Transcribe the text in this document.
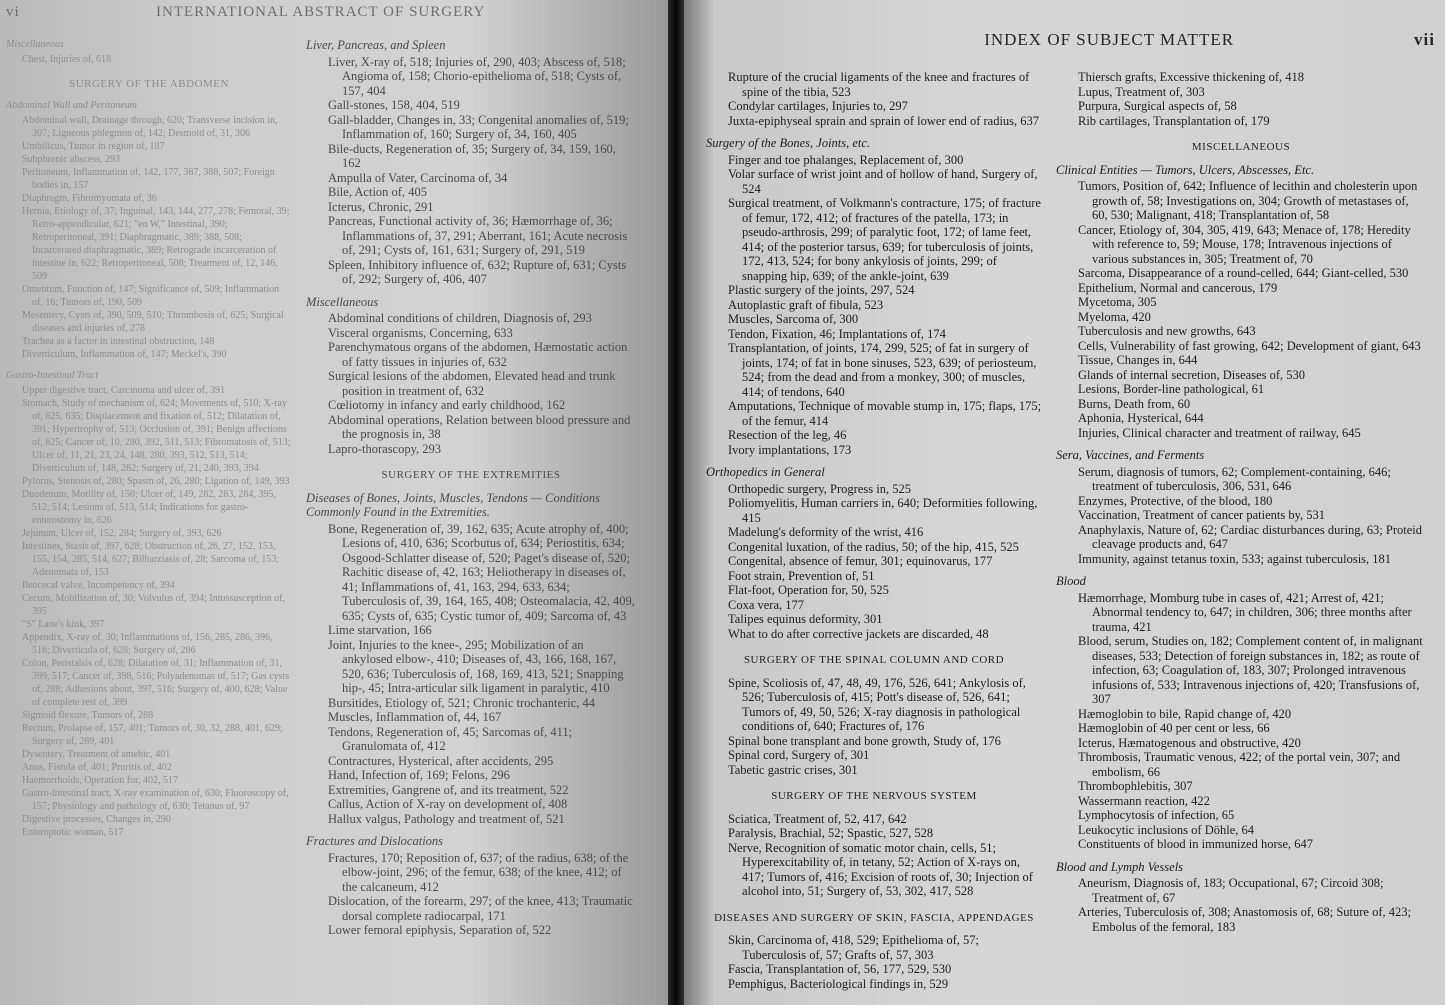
vi	INTERNATIONAL ABSTRACT OF SURGERY
Miscellaneous
Chest, Injuries of, 618
SURGERY OF THE ABDOMEN
Abdominal Wall and Peritoneum
Abdominal wall, Drainage through, 620; Transverse incision in, 307; Ligneous phlegmon of, 142; Desmoid of, 31, 306
Umbilicus, Tumor in region of, 187
Subphrenic abscess, 293
Peritoneum, Inflammation of, 142, 177, 387, 388, 507; Foreign bodies in, 157
Diaphragm, Fibromyomata of, 36
Hernia, Etiology of, 37; Inguinal, 143, 144, 277, 278; Femoral, 39; Retro-appendicular, 621; "en W," Intestinal, 390; Retroperitoneal, 391; Diaphragmatic, 389; 388, 508; Incarcerated diaphragmatic, 389; Retrograde incarceration of intestine in, 622; Retroperitoneal, 508; Treatment of, 12, 146, 509
Omentum, Function of, 147; Significance of, 509; Inflammation of, 16; Tumors of, 190, 509
Mesentery, Cysts of, 390, 509, 510; Thrombosis of, 625; Surgical diseases and injuries of, 278
Trachea as a factor in intestinal obstruction, 148
Diverticulum, Inflammation of, 147; Meckel's, 390
Gastro-Intestinal Tract
Upper digestive tract, Carcinoma and ulcer of, 391
Stomach, Study of mechanism of, 624; Movements of, 510; X-ray of, 625, 635; Displacement and fixation of, 512; Dilatation of, 391; Hypertrophy of, 513; Occlusion of, 391; Benign affections of, 625; Cancer of, 10, 280, 392, 511, 513; Fibromatosis of, 513; Ulcer of, 11, 21, 23, 24, 148, 280, 393, 512, 513, 514; Diverticulum of, 148, 282; Surgery of, 21, 240, 393, 394
Pylorus, Stenosis of, 280; Spasm of, 26, 280; Ligation of, 149, 393
Duodenum, Motility of, 150; Ulcer of, 149, 282, 283, 284, 395, 512, 514; Lesions of, 513, 514; Indications for gastro-enterostomy in, 626
Jejunum, Ulcer of, 152, 284; Surgery of, 393, 626
Intestines, Stasis of, 397, 628; Obstruction of, 26, 27, 152, 153, 155, 154, 285, 514, 627; Bilharziasis of, 28; Sarcoma of, 153; Adenomata of, 153
Ileocecal valve, Incompetency of, 394
Cecum, Mobilization of, 30; Volvulus of, 394; Intussusception of, 395
"S" Lane's kink, 397
Appendix, X-ray of, 30; Inflammations of, 156, 285, 286, 396, 516; Diverticula of, 628; Surgery of, 286
Colon, Peristalsis of, 628; Dilatation of, 31; Inflammation of, 31, 399, 517; Cancer of, 398, 516; Polyadenomas of, 517; Gas cysts of, 288; Adhesions about, 397, 516; Surgery of, 400, 628; Value of complete rest of, 399
Sigmoid flexure, Tumors of, 288
Rectum, Prolapse of, 157, 401; Tumors of, 30, 32, 288, 401, 629; Surgery of, 289, 401
Dysentery, Treatment of amebic, 401
Anus, Fistula of, 401; Pruritis of, 402
Haemorrhoids, Operation for, 402, 517
Gastro-intestinal tract, X-ray examination of, 630; Fluoroscopy of, 157; Physiology and pathology of, 630; Tetanus of, 97
Digestive processes, Changes in, 290
Enteroptotic woman, 517
Liver, Pancreas, and Spleen
Liver, X-ray of, 518; Injuries of, 290, 403; Abscess of, 518; Angioma of, 158; Chorio-epithelioma of, 518; Cysts of, 157, 404
Gall-stones, 158, 404, 519
Gall-bladder, Changes in, 33; Congenital anomalies of, 519; Inflammation of, 160; Surgery of, 34, 160, 405
Bile-ducts, Regeneration of, 35; Surgery of, 34, 159, 160, 162
Ampulla of Vater, Carcinoma of, 34
Bile, Action of, 405
Icterus, Chronic, 291
Pancreas, Functional activity of, 36; Hæmorrhage of, 36; Inflammations of, 37, 291; Aberrant, 161; Acute necrosis of, 291; Cysts of, 161, 631; Surgery of, 291, 519
Spleen, Inhibitory influence of, 632; Rupture of, 631; Cysts of, 292; Surgery of, 406, 407
Miscellaneous
Abdominal conditions of children, Diagnosis of, 293
Visceral organisms, Concerning, 633
Parenchymatous organs of the abdomen, Hæmostatic action of fatty tissues in injuries of, 632
Surgical lesions of the abdomen, Elevated head and trunk position in treatment of, 632
Cœliotomy in infancy and early childhood, 162
Abdominal operations, Relation between blood pressure and the prognosis in, 38
Lapro-thorascopy, 293
SURGERY OF THE EXTREMITIES
Diseases of Bones, Joints, Muscles, Tendons — Conditions Commonly Found in the Extremities.
Bone, Regeneration of, 39, 162, 635; Acute atrophy of, 400; Lesions of, 410, 636; Scorbutus of, 634; Periostitis, 634; Osgood-Schlatter disease of, 520; Paget's disease of, 520; Rachitic disease of, 42, 163; Heliotherapy in diseases of, 41; Inflammations of, 41, 163, 294, 633, 634; Tuberculosis of, 39, 164, 165, 408; Osteomalacia, 42, 409, 635; Cysts of, 635; Cystic tumor of, 409; Sarcoma of, 43
Lime starvation, 166
Joint, Injuries to the knee-, 295; Mobilization of an ankylosed elbow-, 410; Diseases of, 43, 166, 168, 167, 520, 636; Tuberculosis of, 168, 169, 413, 521; Snapping hip-, 45; Intra-articular silk ligament in paralytic, 410
Bursitides, Etiology of, 521; Chronic trochanteric, 44
Muscles, Inflammation of, 44, 167
Tendons, Regeneration of, 45; Sarcomas of, 411; Granulomata of, 412
Contractures, Hysterical, after accidents, 295
Hand, Infection of, 169; Felons, 296
Extremities, Gangrene of, and its treatment, 522
Callus, Action of X-ray on development of, 408
Hallux valgus, Pathology and treatment of, 521
Fractures and Dislocations
Fractures, 170; Reposition of, 637; of the radius, 638; of the elbow-joint, 296; of the femur, 638; of the knee, 412; of the calcaneum, 412
Dislocation, of the forearm, 297; of the knee, 413; Traumatic dorsal complete radiocarpal, 171
Lower femoral epiphysis, Separation of, 522
INDEX OF SUBJECT MATTER	vii
Rupture of the crucial ligaments of the knee and fractures of spine of the tibia, 523
Condylar cartilages, Injuries to, 297
Juxta-epiphyseal sprain and sprain of lower end of radius, 637
Surgery of the Bones, Joints, etc.
Finger and toe phalanges, Replacement of, 300
Volar surface of wrist joint and of hollow of hand, Surgery of, 524
Surgical treatment, of Volkmann's contracture, 175; of fracture of femur, 172, 412; of fractures of the patella, 173; in pseudo-arthrosis, 299; of paralytic foot, 172; of lame feet, 414; of the posterior tarsus, 639; for tuberculosis of joints, 172, 413, 524; for bony ankylosis of joints, 299; of snapping hip, 639; of the ankle-joint, 639
Plastic surgery of the joints, 297, 524
Autoplastic graft of fibula, 523
Muscles, Sarcoma of, 300
Tendon, Fixation, 46; Implantations of, 174
Transplantation, of joints, 174, 299, 525; of fat in surgery of joints, 174; of fat in bone sinuses, 523, 639; of periosteum, 524; from the dead and from a monkey, 300; of muscles, 414; of tendons, 640
Amputations, Technique of movable stump in, 175; flaps, 175; of the femur, 414
Resection of the leg, 46
Ivory implantations, 173
Orthopedics in General
Orthopedic surgery, Progress in, 525
Poliomyelitis, Human carriers in, 640; Deformities following, 415
Madelung's deformity of the wrist, 416
Congenital luxation, of the radius, 50; of the hip, 415, 525
Congenital, absence of femur, 301; equinovarus, 177
Foot strain, Prevention of, 51
Flat-foot, Operation for, 50, 525
Coxa vera, 177
Talipes equinus deformity, 301
What to do after corrective jackets are discarded, 48
SURGERY OF THE SPINAL COLUMN AND CORD
Spine, Scoliosis of, 47, 48, 49, 176, 526, 641; Ankylosis of, 526; Tuberculosis of, 415; Pott's disease of, 526, 641; Tumors of, 49, 50, 526; X-ray diagnosis in pathological conditions of, 640; Fractures of, 176
Spinal bone transplant and bone growth, Study of, 176
Spinal cord, Surgery of, 301
Tabetic gastric crises, 301
SURGERY OF THE NERVOUS SYSTEM
Sciatica, Treatment of, 52, 417, 642
Paralysis, Brachial, 52; Spastic, 527, 528
Nerve, Recognition of somatic motor chain, cells, 51; Hyperexcitability of, in tetany, 52; Action of X-rays on, 417; Tumors of, 416; Excision of roots of, 30; Injection of alcohol into, 51; Surgery of, 53, 302, 417, 528
DISEASES AND SURGERY OF SKIN, FASCIA, APPENDAGES
Skin, Carcinoma of, 418, 529; Epithelioma of, 57; Tuberculosis of, 57; Grafts of, 57, 303
Fascia, Transplantation of, 56, 177, 529, 530
Pemphigus, Bacteriological findings in, 529
Thiersch grafts, Excessive thickening of, 418
Lupus, Treatment of, 303
Purpura, Surgical aspects of, 58
Rib cartilages, Transplantation of, 179
MISCELLANEOUS
Clinical Entities — Tumors, Ulcers, Abscesses, Etc.
Tumors, Position of, 642; Influence of lecithin and cholesterin upon growth of, 58; Investigations on, 304; Growth of metastases of, 60, 530; Malignant, 418; Transplantation of, 58
Cancer, Etiology of, 304, 305, 419, 643; Menace of, 178; Heredity with reference to, 59; Mouse, 178; Intravenous injections of various substances in, 305; Treatment of, 70
Sarcoma, Disappearance of a round-celled, 644; Giant-celled, 530
Epithelium, Normal and cancerous, 179
Mycetoma, 305
Myeloma, 420
Tuberculosis and new growths, 643
Cells, Vulnerability of fast growing, 642; Development of giant, 643
Tissue, Changes in, 644
Glands of internal secretion, Diseases of, 530
Lesions, Border-line pathological, 61
Burns, Death from, 60
Aphonia, Hysterical, 644
Injuries, Clinical character and treatment of railway, 645
Sera, Vaccines, and Ferments
Serum, diagnosis of tumors, 62; Complement-containing, 646; treatment of tuberculosis, 306, 531, 646
Enzymes, Protective, of the blood, 180
Vaccination, Treatment of cancer patients by, 531
Anaphylaxis, Nature of, 62; Cardiac disturbances during, 63; Proteid cleavage products and, 647
Immunity, against tetanus toxin, 533; against tuberculosis, 181
Blood
Hæmorrhage, Momburg tube in cases of, 421; Arrest of, 421; Abnormal tendency to, 647; in children, 306; three months after trauma, 421
Blood, serum, Studies on, 182; Complement content of, in malignant diseases, 533; Detection of foreign substances in, 182; as route of infection, 63; Coagulation of, 183, 307; Prolonged intravenous infusions of, 533; Intravenous injections of, 420; Transfusions of, 307
Hæmoglobin to bile, Rapid change of, 420
Hæmoglobin of 40 per cent or less, 66
Icterus, Hæmatogenous and obstructive, 420
Thrombosis, Traumatic venous, 422; of the portal vein, 307; and embolism, 66
Thrombophlebitis, 307
Wassermann reaction, 422
Lymphocytosis of infection, 65
Leukocytic inclusions of Döhle, 64
Constituents of blood in immunized horse, 647
Blood and Lymph Vessels
Aneurism, Diagnosis of, 183; Occupational, 67; Circoid 308; Treatment of, 67
Arteries, Tuberculosis of, 308; Anastomosis of, 68; Suture of, 423; Embolus of the femoral, 183
